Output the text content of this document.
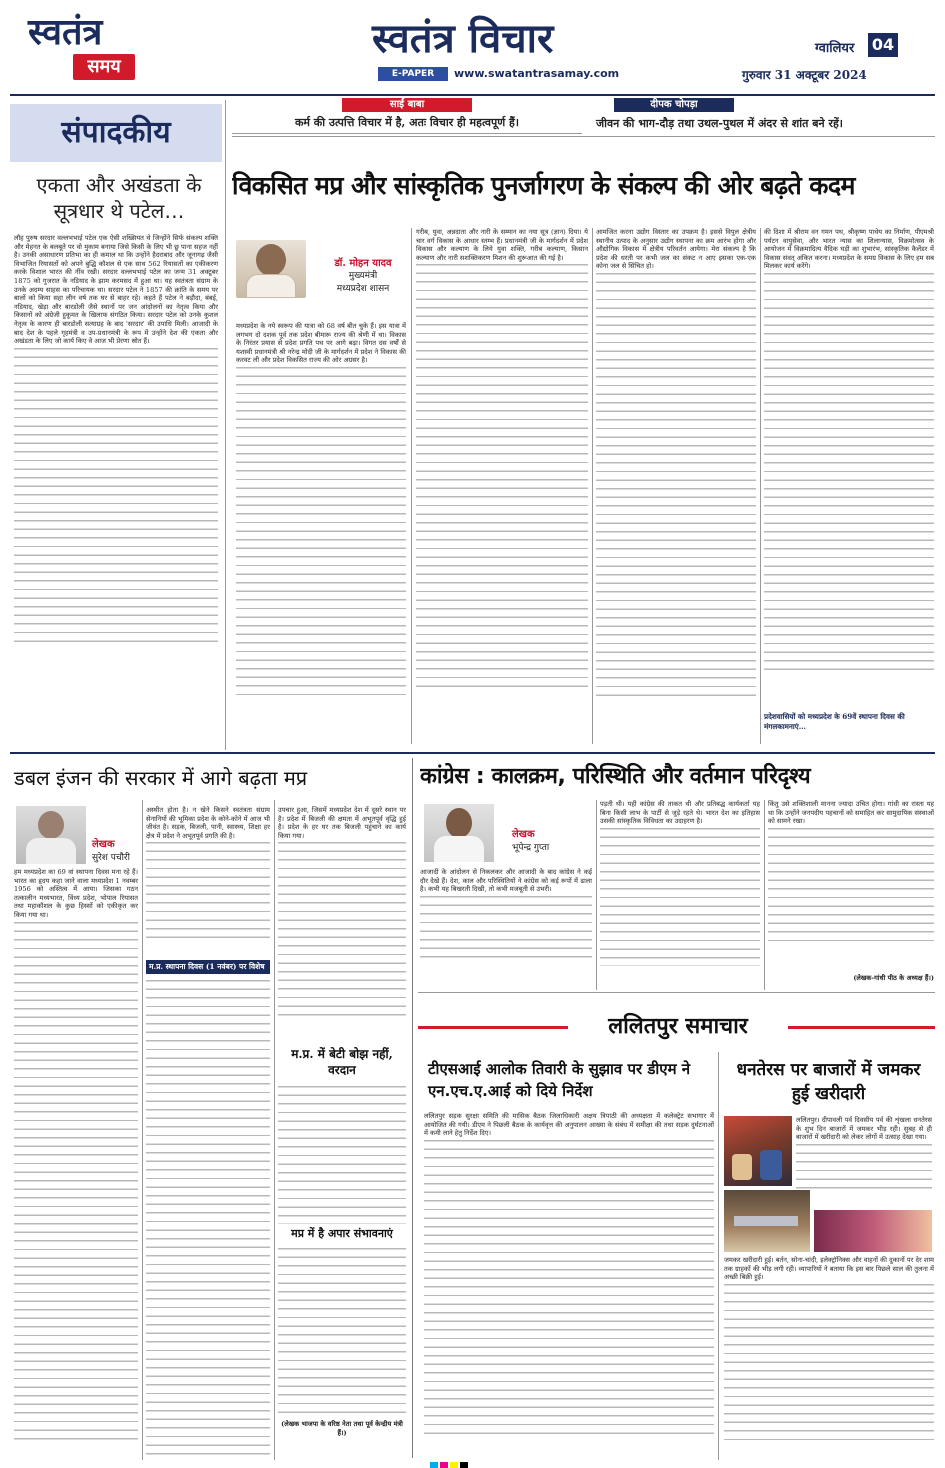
स्वतंत्र
समय
स्वतंत्र विचार
E-PAPER	www.swatantrasamay.com
ग्वालियर 04
गुरुवार 31 अक्टूबर 2024
संपादकीय
एकता और अखंडता के सूत्रधार थे पटेल…
लौह पुरुष सरदार वल्लभभाई पटेल एक ऐसी शख्सियत थे जिन्होंने सिर्फ संकल्प शक्ति और मेहनत के बलबूते पर वो मुकाम बनाया जिसे किसी के लिए भी छू पाना सहज नहीं है। उनकी असाधारण प्रतिभा का ही कमाल था कि उन्होंने हैदराबाद और जूनागढ़ जैसी विभाजित रियासतों को अपने बुद्धि कौशल से एक साथ 562 रियासतों का एकीकरण करके विशाल भारत की नींव रखी। सरदार वल्लभभाई पटेल का जन्म 31 अक्टूबर 1875 को गुजरात के नडियाद के झाम करमसद में हुआ था। यह स्वतंत्रता संग्राम के उनके अदम्य साहस का परिचायक था। सरदार पटेल ने 1857 की क्रांति के समय पर बालों को किया सहा लीन वर्ष तक घर से बाहर रहे। कहते हैं पटेल ने बड़ौदा, बंबई, नडियाद, खेड़ा और बारडोली जैसे स्थानों पर जन आंदोलनों का नेतृत्व किया और किसानों को अंग्रेजी हुकूमत के खिलाफ संगठित किया। सरदार पटेल को उनके कुशल नेतृत्व के कारण ही बारडोली सत्याग्रह के बाद 'सरदार' की उपाधि मिली। आजादी के बाद देश के पहले गृहमंत्री व उप-प्रधानमंत्री के रूप में उन्होंने देश की एकता और अखंडता के लिए जो कार्य किए वे आज भी प्रेरणा स्रोत हैं।
साईं बाबा
कर्म की उत्पत्ति विचार में है, अतः विचार ही महत्वपूर्ण हैं।
दीपक चोपड़ा
जीवन की भाग-दौड़ तथा उथल-पुथल में अंदर से शांत बने रहें।
विकसित मप्र और सांस्कृतिक पुनर्जागरण के संकल्प की ओर बढ़ते कदम
डॉ. मोहन यादव
मुख्यमंत्री
मध्यप्रदेश शासन
मध्यप्रदेश के नये स्वरूप की यात्रा को 68 वर्ष बीत चुके हैं। इस यात्रा में लगभग दो दशक पूर्व तक प्रदेश बीमारू राज्य की श्रेणी में था। विकास के निरंतर प्रयास से प्रदेश प्रगति पथ पर आगे बढ़ा। विगत दस वर्षों से यशस्वी प्रधानमंत्री श्री नरेन्द्र मोदी जी के मार्गदर्शन में प्रदेश ने विकास की करवट ली और प्रदेश विकसित राज्य की ओर अग्रसर है।
गरीब, युवा, अन्नदाता और नारी के सम्मान का नया सूत्र (ज्ञान) दिया। ये चार वर्ग विकास के आधार स्तम्भ हैं। प्रधानमंत्री जी के मार्गदर्शन में प्रदेश विकास और कल्याण के लिये युवा शक्ति, गरीब कल्याण, किसान कल्याण और नारी सशक्तिकरण मिशन की शुरूआत की गई है।
आमजित करना उद्योग विस्तार का उपक्रम है। इससे विपुल क्षेत्रीय स्थानीय उत्पाद के अनुसार उद्योग स्थापना का क्रम आरंभ होगा और औद्योगिक विकास में क्षेत्रीय परिवर्तन आयेगा। मेरा संकल्प है कि प्रदेश की धरती पर कभी जल का संकट न आए इसका एक-एक कोना जल से सिंचित हो।
की दिशा में श्रीराम वन गमन पथ, श्रीकृष्ण पाथेय का निर्माण, पीएमश्री पर्यटन वायुसेवा, और भारत न्यास का शिलान्यास, विक्रमोत्सव के आयोजन में विक्रमादित्य वैदिक घड़ी का शुभारंभ, सांस्कृतिक कैलेंडर में विकास संवत् अंकित करना। मध्यप्रदेश के समग्र विकास के लिए हम सब मिलकर कार्य करेंगे।
प्रदेशवासियों को मध्यप्रदेश के 69वें स्थापना दिवस की मंगलकामनाएं…
डबल इंजन की सरकार में आगे बढ़ता मप्र
लेखक
सुरेश पचौरी
हम मध्यप्रदेश का 69 वां स्थापना दिवस मना रहे हैं। भारत का हृदय कहा जाने वाला मध्यप्रदेश 1 नवम्बर 1956 को अस्तित्व में आया। जिसका गठन तत्कालीन मध्यभारत, विंध्य प्रदेश, भोपाल रियासत तथा महाकौशल के कुछ हिस्सों को एकीकृत कर किया गया था।
अस्थीत होता है। न खेने किसने स्वतंत्रता संग्राम सेनानियों की भूमिका प्रदेश के कोने-कोने में आज भी जीवंत है। सड़क, बिजली, पानी, स्वास्थ्य, शिक्षा हर क्षेत्र में प्रदेश ने अभूतपूर्व प्रगति की है।
म.प्र. स्थापना दिवस (1 नवंबर) पर विशेष
उपचार हुआ, जिसमें मध्यप्रदेश देश में दूसरे स्थान पर है। प्रदेश में बिजली की क्षमता में अभूतपूर्व वृद्धि हुई है। प्रदेश के हर घर तक बिजली पहुंचाने का कार्य किया गया।
म.प्र. में बेटी बोझ नहीं, वरदान
मप्र में है अपार संभावनाएं
(लेखक भाजपा के वरिष्ठ नेता तथा पूर्व केन्द्रीय मंत्री हैं।)
कांग्रेस : कालक्रम, परिस्थिति और वर्तमान परिदृश्य
लेखक
भूपेन्द्र गुप्ता
आजादी के आंदोलन से निकलकर और आजादी के बाद कांग्रेस ने कई दौर देखे हैं। देश, काल और परिस्थितियों ने कांग्रेस को कई रूपों में ढाला है। कभी यह बिखरती दिखी, तो कभी मजबूती से उभरी।
पड़ती थी। यही कांग्रेस की ताकत थी और प्रतिबद्ध कार्यकर्ता यह बिना किसी लाभ के पार्टी से जुड़े रहते थे। भारत देश का इतिहास उसकी सांस्कृतिक विविधता का उदाहरण है।
किंतु उसे शक्तिशाली मानना ज्यादा उचित होगा। गांधी का रास्ता यह था कि उन्होंने जनपदीय पहचानों को समाहित कर सामुदायिक संस्थाओं को सामने रखा।
(लेखक-गांधी पीठ के अध्यक्ष हैं।)
ललितपुर समाचार
टीएसआई आलोक तिवारी के सुझाव पर डीएम ने एन.एच.ए.आई को दिये निर्देश
ललितपुर सड़क सुरक्षा समिति की मासिक बैठक जिलाधिकारी अक्षय त्रिपाठी की अध्यक्षता में कलेक्ट्रेट सभागार में आयोजित की गयी। डीएम ने पिछली बैठक के कार्यवृत्त की अनुपालन आख्या के संबंध में समीक्षा की तथा सड़क दुर्घटनाओं में कमी लाने हेतु निर्देश दिए।
धनतेरस पर बाजारों में जमकर हुई खरीदारी
ललितपुर। दीपावली पर्व दिवसीय पर्व की शृंखला धनतेरस के शुभ दिन बाजारों में जमकर भीड़ रही। सुबह से ही बाजारों में खरीदारी को लेकर लोगों में उत्साह देखा गया।
जमकर खरीदारी हुई। बर्तन, सोना-चांदी, इलेक्ट्रॉनिक्स और वाहनों की दुकानों पर देर शाम तक ग्राहकों की भीड़ लगी रही। व्यापारियों ने बताया कि इस बार पिछले साल की तुलना में अच्छी बिक्री हुई।
